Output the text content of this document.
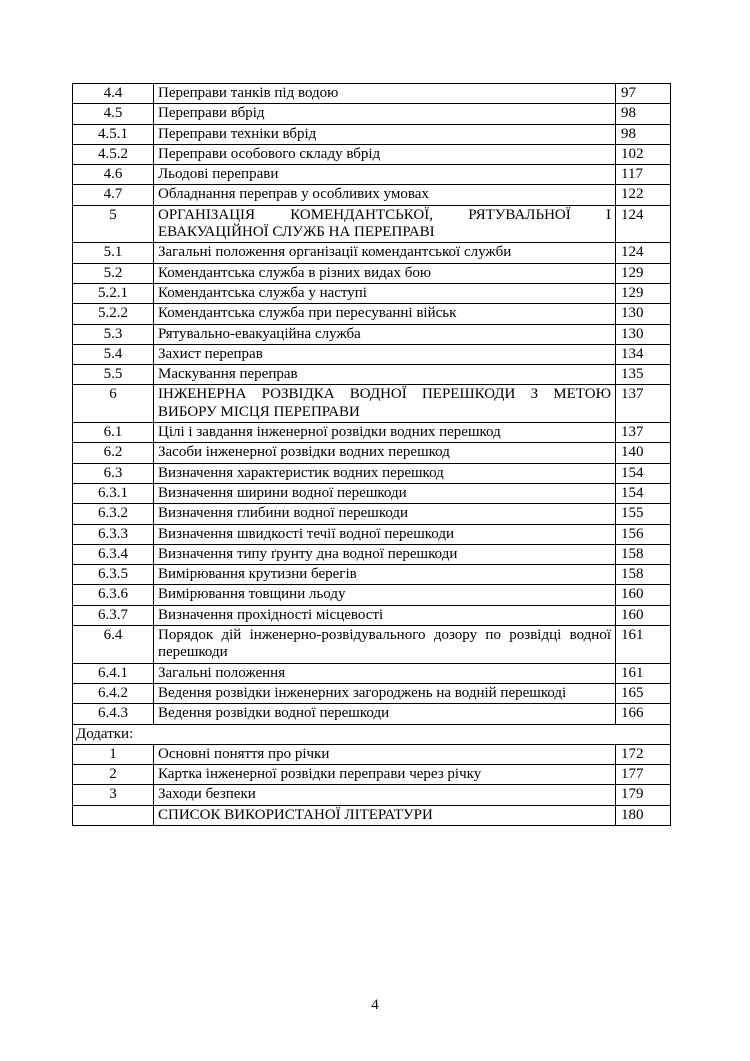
4.4	Переправи танків під водою	97
4.5	Переправи вбрід	98
4.5.1	Переправи техніки вбрід	98
4.5.2	Переправи особового складу вбрід	102
4.6	Льодові переправи	117
4.7	Обладнання переправ у особливих умовах	122
5	ОРГАНІЗАЦІЯ КОМЕНДАНТСЬКОЇ, РЯТУВАЛЬНОЇ І ЕВАКУАЦІЙНОЇ СЛУЖБ НА ПЕРЕПРАВІ	124
5.1	Загальні положення організації комендантської служби	124
5.2	Комендантська служба в різних видах бою	129
5.2.1	Комендантська служба у наступі	129
5.2.2	Комендантська служба при пересуванні військ	130
5.3	Рятувально-евакуаційна служба	130
5.4	Захист переправ	134
5.5	Маскування переправ	135
6	ІНЖЕНЕРНА РОЗВІДКА ВОДНОЇ ПЕРЕШКОДИ З МЕТОЮ ВИБОРУ МІСЦЯ ПЕРЕПРАВИ	137
6.1	Цілі і завдання інженерної розвідки водних перешкод	137
6.2	Засоби інженерної розвідки водних перешкод	140
6.3	Визначення характеристик водних перешкод	154
6.3.1	Визначення ширини водної перешкоди	154
6.3.2	Визначення глибини водної перешкоди	155
6.3.3	Визначення швидкості течії водної перешкоди	156
6.3.4	Визначення типу ґрунту дна водної перешкоди	158
6.3.5	Вимірювання крутизни берегів	158
6.3.6	Вимірювання товщини льоду	160
6.3.7	Визначення прохідності місцевості	160
6.4	Порядок дій інженерно-розвідувального дозору по розвідці водної перешкоди	161
6.4.1	Загальні положення	161
6.4.2	Ведення розвідки інженерних загороджень на водній перешкоді	165
6.4.3	Ведення розвідки водної перешкоди	166
Додатки:		
1	Основні поняття про річки	172
2	Картка інженерної розвідки переправи через річку	177
3	Заходи безпеки	179
	СПИСОК ВИКОРИСТАНОЇ ЛІТЕРАТУРИ	180
4
